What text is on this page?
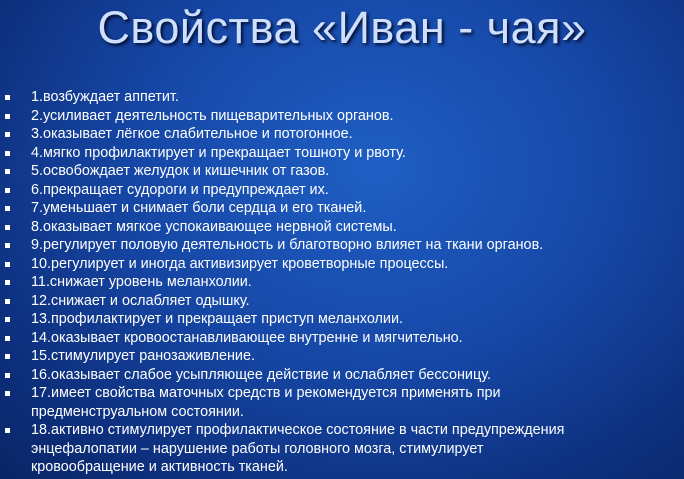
Свойства «Иван - чая»
1.возбуждает аппетит.
2.усиливает деятельность пищеварительных органов.
3.оказывает лёгкое слабительное и потогонное.
4.мягко профилактирует и прекращает тошноту и рвоту.
5.освобождает желудок и кишечник от газов.
6.прекращает судороги и предупреждает их.
7.уменьшает и снимает боли сердца и его тканей.
8.оказывает мягкое успокаивающее нервной системы.
9.регулирует половую деятельность и благотворно влияет на ткани органов.
10.регулирует и иногда активизирует кроветворные процессы.
11.снижает уровень меланхолии.
12.снижает и ослабляет одышку.
13.профилактирует и прекращает приступ меланхолии.
14.оказывает кровоостанавливающее внутренне и мягчительно.
15.стимулирует ранозаживление.
16.оказывает слабое усыпляющее действие и ослабляет бессоницу.
17.имеет свойства маточных средств и рекомендуется применять при
предменструальном состоянии.
18.активно стимулирует профилактическое состояние в части предупреждения
энцефалопатии – нарушение работы головного мозга, стимулирует
кровообращение и активность тканей.
